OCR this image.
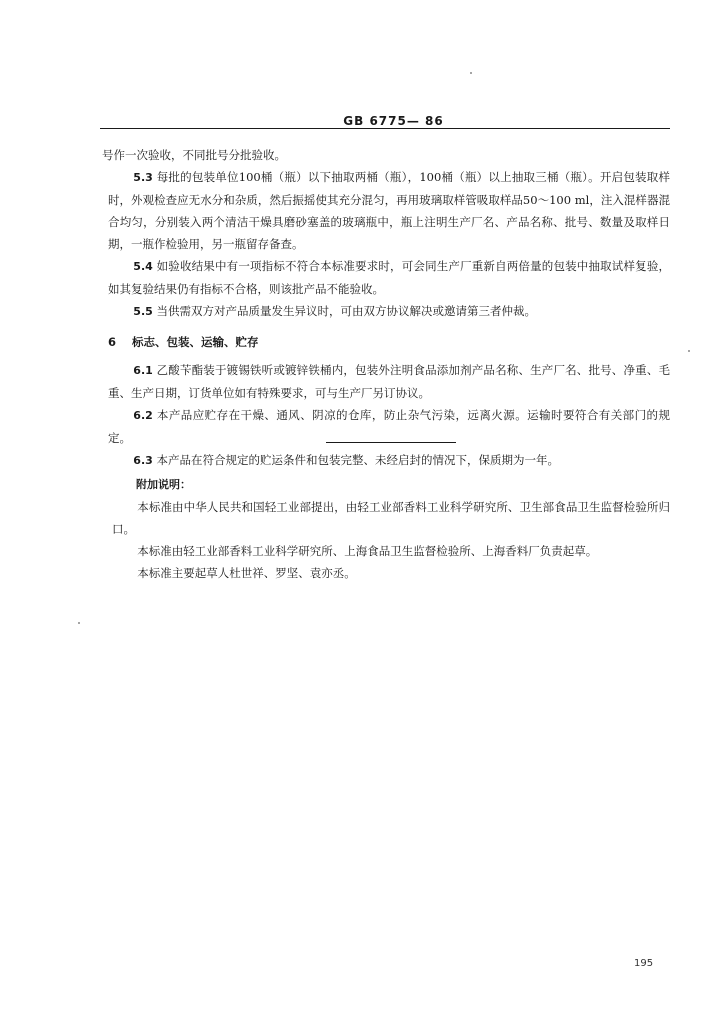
GB 6775— 86

号作一次验收，不同批号分批验收。

5.3 每批的包装单位100桶（瓶）以下抽取两桶（瓶），100桶（瓶）以上抽取三桶（瓶）。开启包装取样时，外观检查应无水分和杂质，然后振摇使其充分混匀，再用玻璃取样管吸取样品50～100 ml，注入混样器混合均匀，分别装入两个清洁干燥具磨砂塞盖的玻璃瓶中，瓶上注明生产厂名、产品名称、批号、数量及取样日期，一瓶作检验用，另一瓶留存备查。

5.4 如验收结果中有一项指标不符合本标准要求时，可会同生产厂重新自两倍量的包装中抽取试样复验，如其复验结果仍有指标不合格，则该批产品不能验收。

5.5 当供需双方对产品质量发生异议时，可由双方协议解决或邀请第三者仲裁。

6 标志、包装、运输、贮存

6.1 乙酸苄酯装于镀锡铁听或镀锌铁桶内，包装外注明食品添加剂产品名称、生产厂名、批号、净重、毛重、生产日期，订货单位如有特殊要求，可与生产厂另订协议。

6.2 本产品应贮存在干燥、通风、阴凉的仓库，防止杂气污染，远离火源。运输时要符合有关部门的规定。

6.3 本产品在符合规定的贮运条件和包装完整、未经启封的情况下，保质期为一年。

附加说明：

本标准由中华人民共和国轻工业部提出，由轻工业部香料工业科学研究所、卫生部食品卫生监督检验所归口。

本标准由轻工业部香料工业科学研究所、上海食品卫生监督检验所、上海香料厂负责起草。

本标准主要起草人杜世祥、罗坚、袁亦丞。

195
